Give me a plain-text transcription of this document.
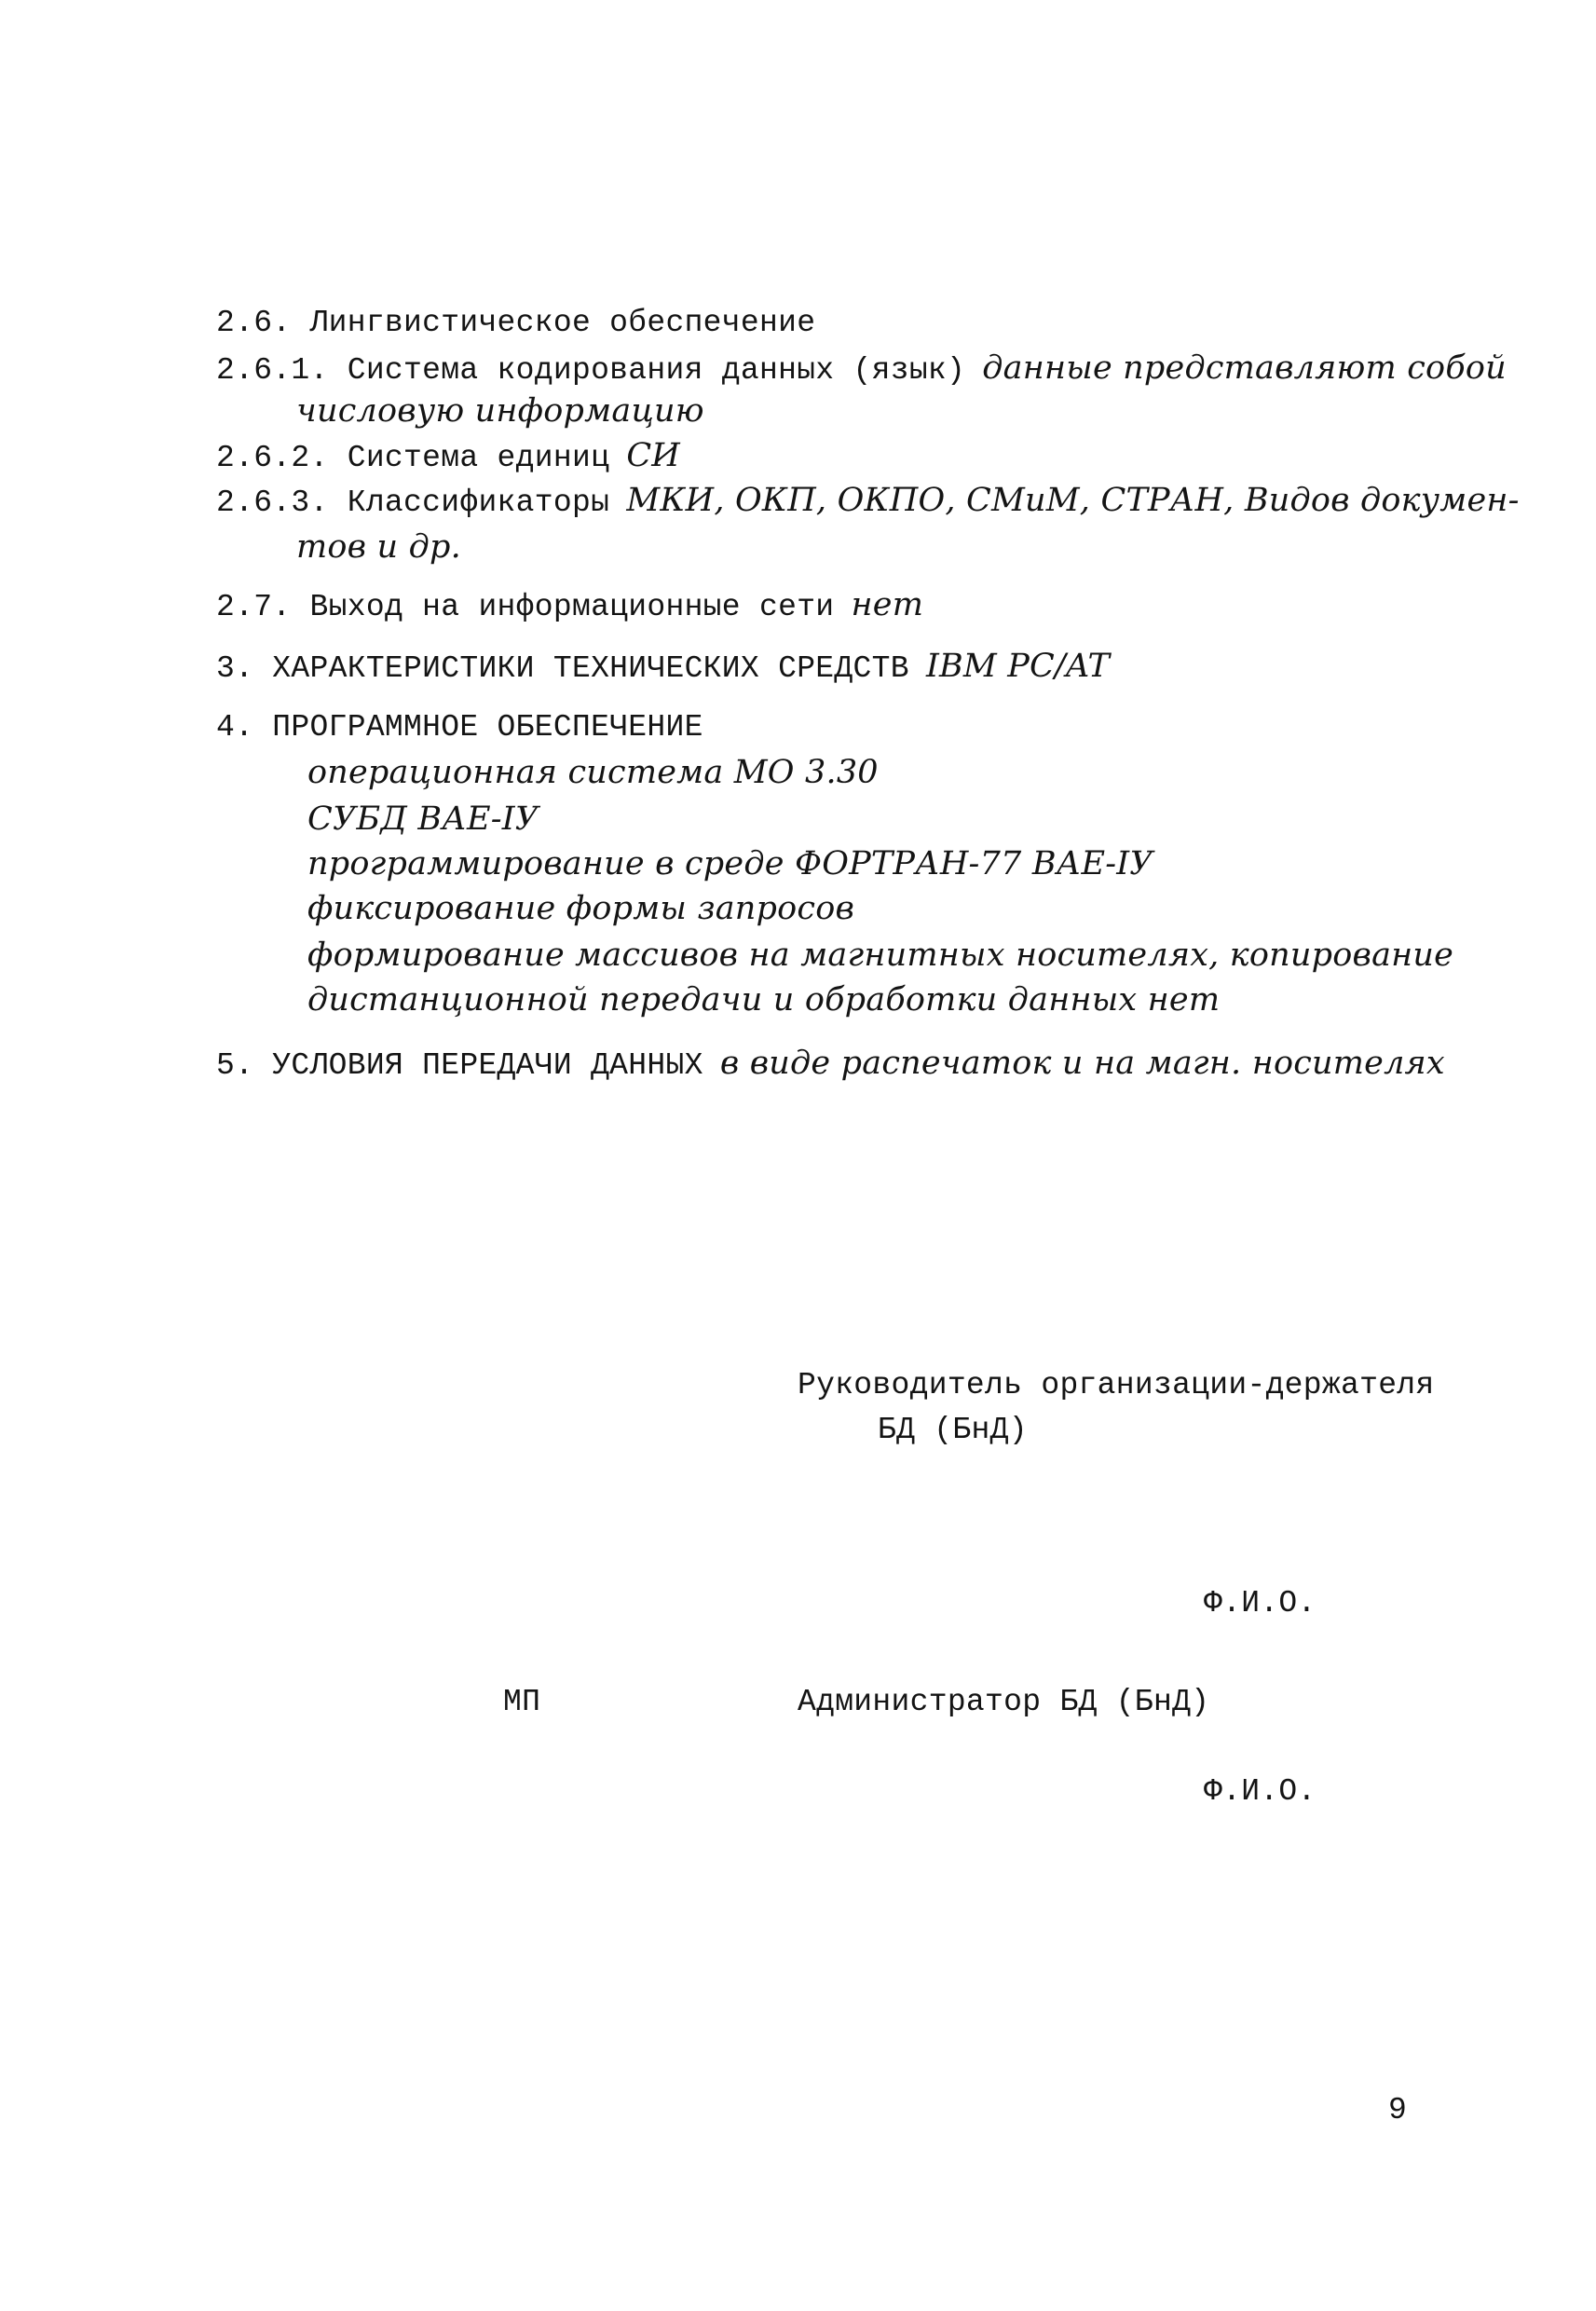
2.6. Лингвистическое обеспечение
2.6.1. Система кодирования данных (язык) данные представляют собой
числовую информацию
2.6.2. Система единиц СИ
2.6.3. Классификаторы МКИ, ОКП, ОКПО, СМиМ, СТРАН, Видов докумен-
тов и др.
2.7. Выход на информационные сети нет
3. ХАРАКТЕРИСТИКИ ТЕХНИЧЕСКИХ СРЕДСТВ IBM PC/AT
4. ПРОГРАММНОЕ ОБЕСПЕЧЕНИЕ
операционная система МО 3.30
СУБД ВАЕ-IУ
программирование в среде ФОРТРАН-77 ВАЕ-IУ
фиксирование формы запросов
формирование массивов на магнитных носителях, копирование
дистанционной передачи и обработки данных нет
5. УСЛОВИЯ ПЕРЕДАЧИ ДАННЫХ в виде распечаток и на магн. носителях
Руководитель организации-держателя
БД (БнД)
Ф.И.О.
МП	Администратор БД (БнД)
Ф.И.О.
9
